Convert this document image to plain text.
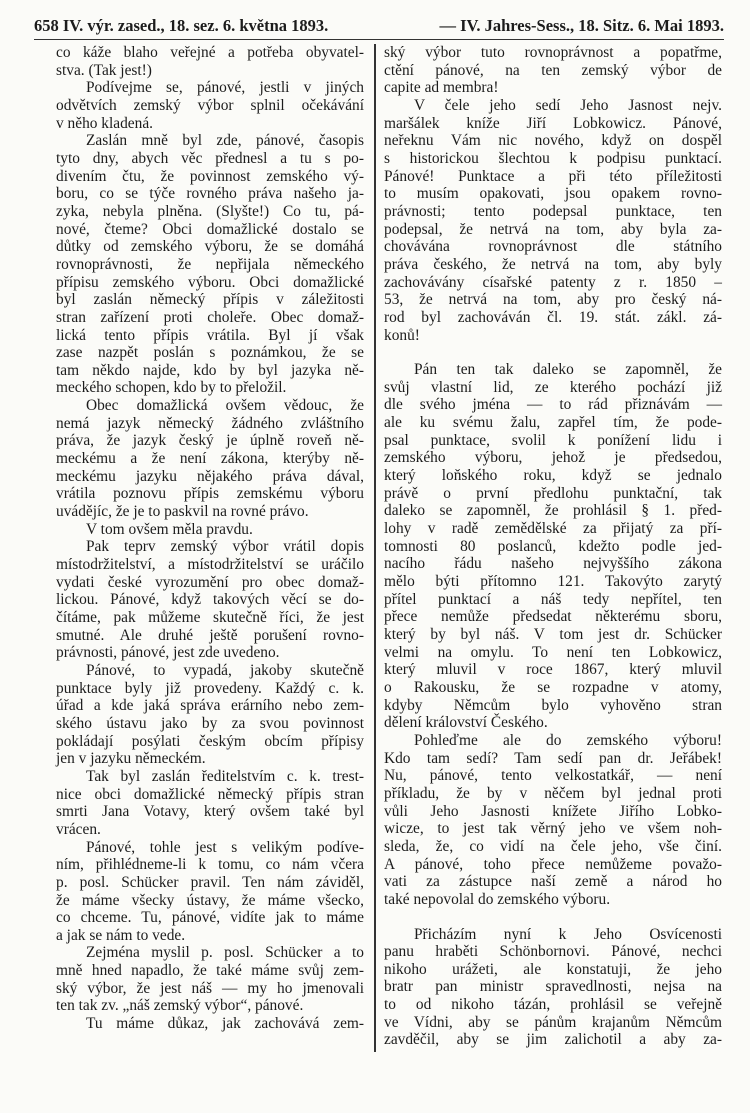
658 IV. výr. zased., 18. sez. 6. května 1893.	— IV. Jahres-Sess., 18. Sitz. 6. Mai 1893.
co káže blaho veřejné a potřeba obyvatel-
stva. (Tak jest!)
Podívejme se, pánové, jestli v jiných
odvětvích zemský výbor splnil očekávání
v něho kladená.
Zaslán mně byl zde, pánové, časopis
tyto dny, abych věc přednesl a tu s po-
divením čtu, že povinnost zemského vý-
boru, co se týče rovného práva našeho ja-
zyka, nebyla plněna. (Slyšte!) Co tu, pá-
nové, čteme? Obci domažlické dostalo se
důtky od zemského výboru, že se domáhá
rovnoprávnosti, že nepřijala německého
přípisu zemského výboru. Obci domažlické
byl zaslán německý přípis v záležitosti
stran zařízení proti choleře. Obec domaž-
lická tento přípis vrátila. Byl jí však
zase nazpět poslán s poznámkou, že se
tam někdo najde, kdo by byl jazyka ně-
meckého schopen, kdo by to přeložil.
Obec domažlická ovšem vědouc, že
nemá jazyk německý žádného zvláštního
práva, že jazyk český je úplně roveň ně-
meckému a že není zákona, kterýby ně-
meckému jazyku nějakého práva dával,
vrátila poznovu přípis zemskému výboru
uvádějíc, že je to paskvil na rovné právo.
V tom ovšem měla pravdu.
Pak teprv zemský výbor vrátil dopis
místodržitelství, a místodržitelství se uráčilo
vydati české vyrozumění pro obec domaž-
lickou. Pánové, když takových věcí se do-
čítáme, pak můžeme skutečně říci, že jest
smutné. Ale druhé ještě porušení rovno-
právnosti, pánové, jest zde uvedeno.
Pánové, to vypadá, jakoby skutečně
punktace byly již provedeny. Každý c. k.
úřad a kde jaká správa erárního nebo zem-
ského ústavu jako by za svou povinnost
pokládají posýlati českým obcím přípisy
jen v jazyku německém.
Tak byl zaslán ředitelstvím c. k. trest-
nice obci domažlické německý přípis stran
smrti Jana Votavy, který ovšem také byl
vrácen.
Pánové, tohle jest s velikým podíve-
ním, přihlédneme-li k tomu, co nám včera
p. posl. Schücker pravil. Ten nám záviděl,
že máme všecky ústavy, že máme všecko,
co chceme. Tu, pánové, vidíte jak to máme
a jak se nám to vede.
Zejména myslil p. posl. Schücker a to
mně hned napadlo, že také máme svůj zem-
ský výbor, že jest náš — my ho jmenovali
ten tak zv. „náš zemský výbor“, pánové.
Tu máme důkaz, jak zachovává zem-
ský výbor tuto rovnoprávnost a popatřme,
ctění pánové, na ten zemský výbor de
capite ad membra!
V čele jeho sedí Jeho Jasnost nejv.
maršálek kníže Jiří Lobkowicz. Pánové,
neřeknu Vám nic nového, když on dospěl
s historickou šlechtou k podpisu punktací.
Pánové! Punktace a při této příležitosti
to musím opakovati, jsou opakem rovno-
právnosti; tento podepsal punktace, ten
podepsal, že netrvá na tom, aby byla za-
chovávána rovnoprávnost dle státního
práva českého, že netrvá na tom, aby byly
zachovávány císařské patenty z r. 1850 –
53, že netrvá na tom, aby pro český ná-
rod byl zachováván čl. 19. stát. zákl. zá-
konů!
Pán ten tak daleko se zapomněl, že
svůj vlastní lid, ze kterého pochází již
dle svého jména — to rád přiznávám —
ale ku svému žalu, zapřel tím, že pode-
psal punktace, svolil k ponížení lidu i
zemského výboru, jehož je předsedou,
který loňského roku, když se jednalo
právě o první předlohu punktační, tak
daleko se zapomněl, že prohlásil § 1. před-
lohy v radě zemědělské za přijatý za pří-
tomnosti 80 poslanců, kdežto podle jed-
nacího řádu našeho nejvyššího zákona
mělo býti přítomno 121. Takovýto zarytý
přítel punktací a náš tedy nepřítel, ten
přece nemůže předsedat některému sboru,
který by byl náš. V tom jest dr. Schücker
velmi na omylu. To není ten Lobkowicz,
který mluvil v roce 1867, který mluvil
o Rakousku, že se rozpadne v atomy,
kdyby Němcům bylo vyhověno stran
dělení království Českého.
Pohleďme ale do zemského výboru!
Kdo tam sedí? Tam sedí pan dr. Jeřábek!
Nu, pánové, tento velkostatkář, — není
příkladu, že by v něčem byl jednal proti
vůli Jeho Jasnosti knížete Jiřího Lobko-
wicze, to jest tak věrný jeho ve všem noh-
sleda, že, co vidí na čele jeho, vše činí.
A pánové, toho přece nemůžeme považo-
vati za zástupce naší země a národ ho
také nepovolal do zemského výboru.
Přicházím nyní k Jeho Osvícenosti
panu hraběti Schönbornovi. Pánové, nechci
nikoho urážeti, ale konstatuji, že jeho
bratr pan ministr spravedlnosti, nejsa na
to od nikoho tázán, prohlásil se veřejně
ve Vídni, aby se pánům krajanům Němcům
zavděčil, aby se jim zalichotil a aby za-
